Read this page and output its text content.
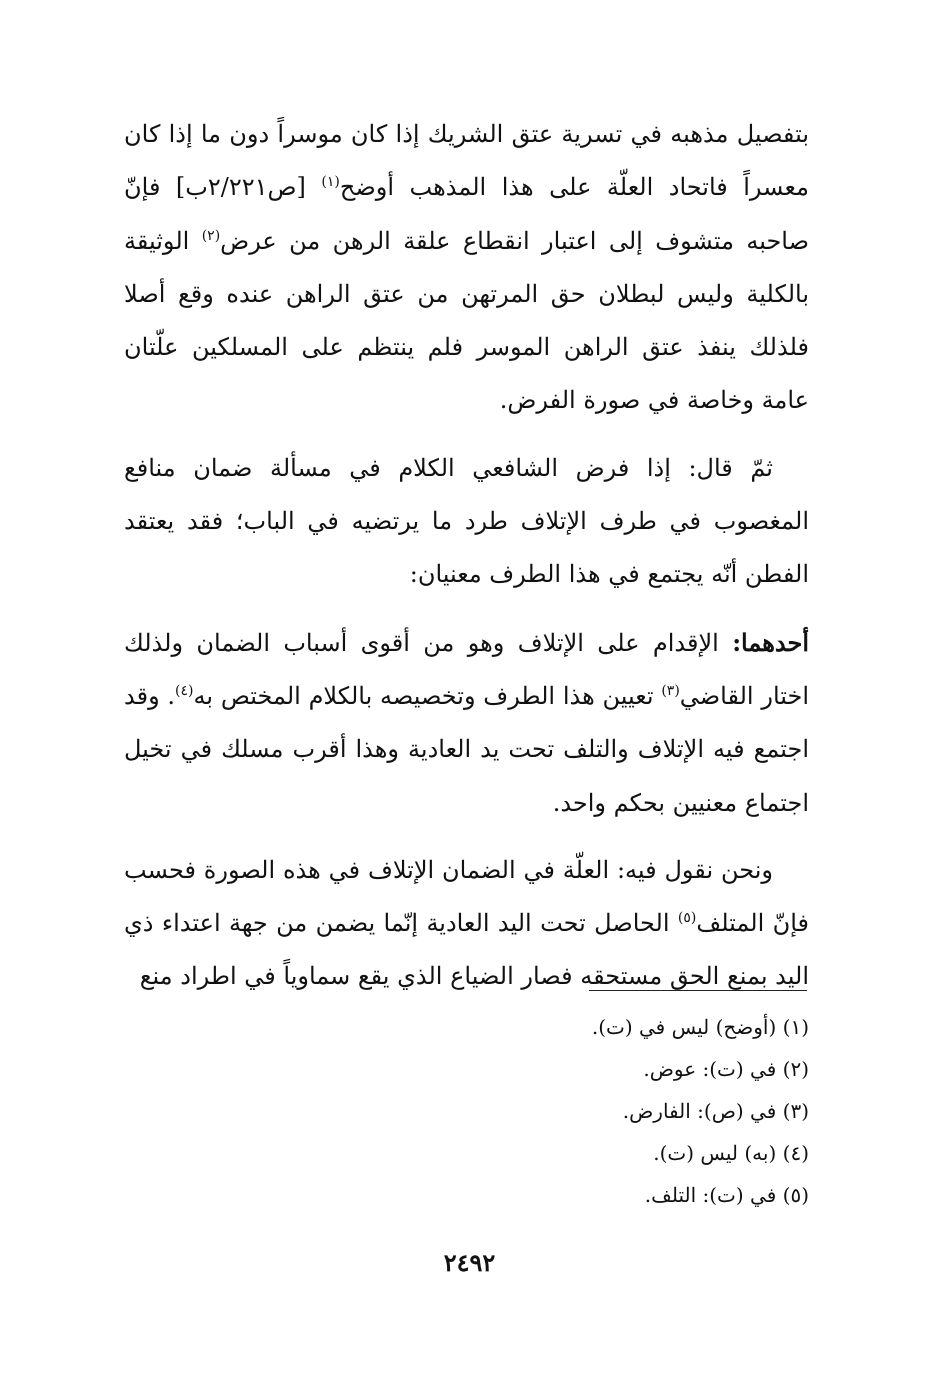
بتفصيل مذهبه في تسرية عتق الشريك إذا كان موسراً دون ما إذا كان معسراً فاتحاد العلّة على هذا المذهب أوضح$^{(١)}$ [ص٢/٢٢١ب] فإنّ صاحبه متشوف إلى اعتبار انقطاع علقة الرهن من عرض$^{(٢)}$ الوثيقة بالكلية وليس لبطلان حق المرتهن من عتق الراهن عنده وقع أصلا فلذلك ينفذ عتق الراهن الموسر فلم ينتظم على المسلكين علّتان عامة وخاصة في صورة الفرض.

ثمّ قال: إذا فرض الشافعي الكلام في مسألة ضمان منافع المغصوب في طرف الإتلاف طرد ما يرتضيه في الباب؛ فقد يعتقد الفطن أنّه يجتمع في هذا الطرف معنيان:

أحدهما: الإقدام على الإتلاف وهو من أقوى أسباب الضمان ولذلك اختار القاضي$^{(٣)}$ تعيين هذا الطرف وتخصيصه بالكلام المختص به$^{(٤)}$. وقد اجتمع فيه الإتلاف والتلف تحت يد العادية وهذا أقرب مسلك في تخيل اجتماع معنيين بحكم واحد.

ونحن نقول فيه: العلّة في الضمان الإتلاف في هذه الصورة فحسب فإنّ المتلف$^{(٥)}$ الحاصل تحت اليد العادية إنّما يضمن من جهة اعتداء ذي اليد بمنع الحق مستحقه فصار الضياع الذي يقع سماوياً في اطراد منع

(١) (أوضح) ليس في (ت).

(٢) في (ت): عوض.

(٣) في (ص): الفارض.

(٤) (به) ليس (ت).

(٥) في (ت): التلف.

٢٤٩٢
